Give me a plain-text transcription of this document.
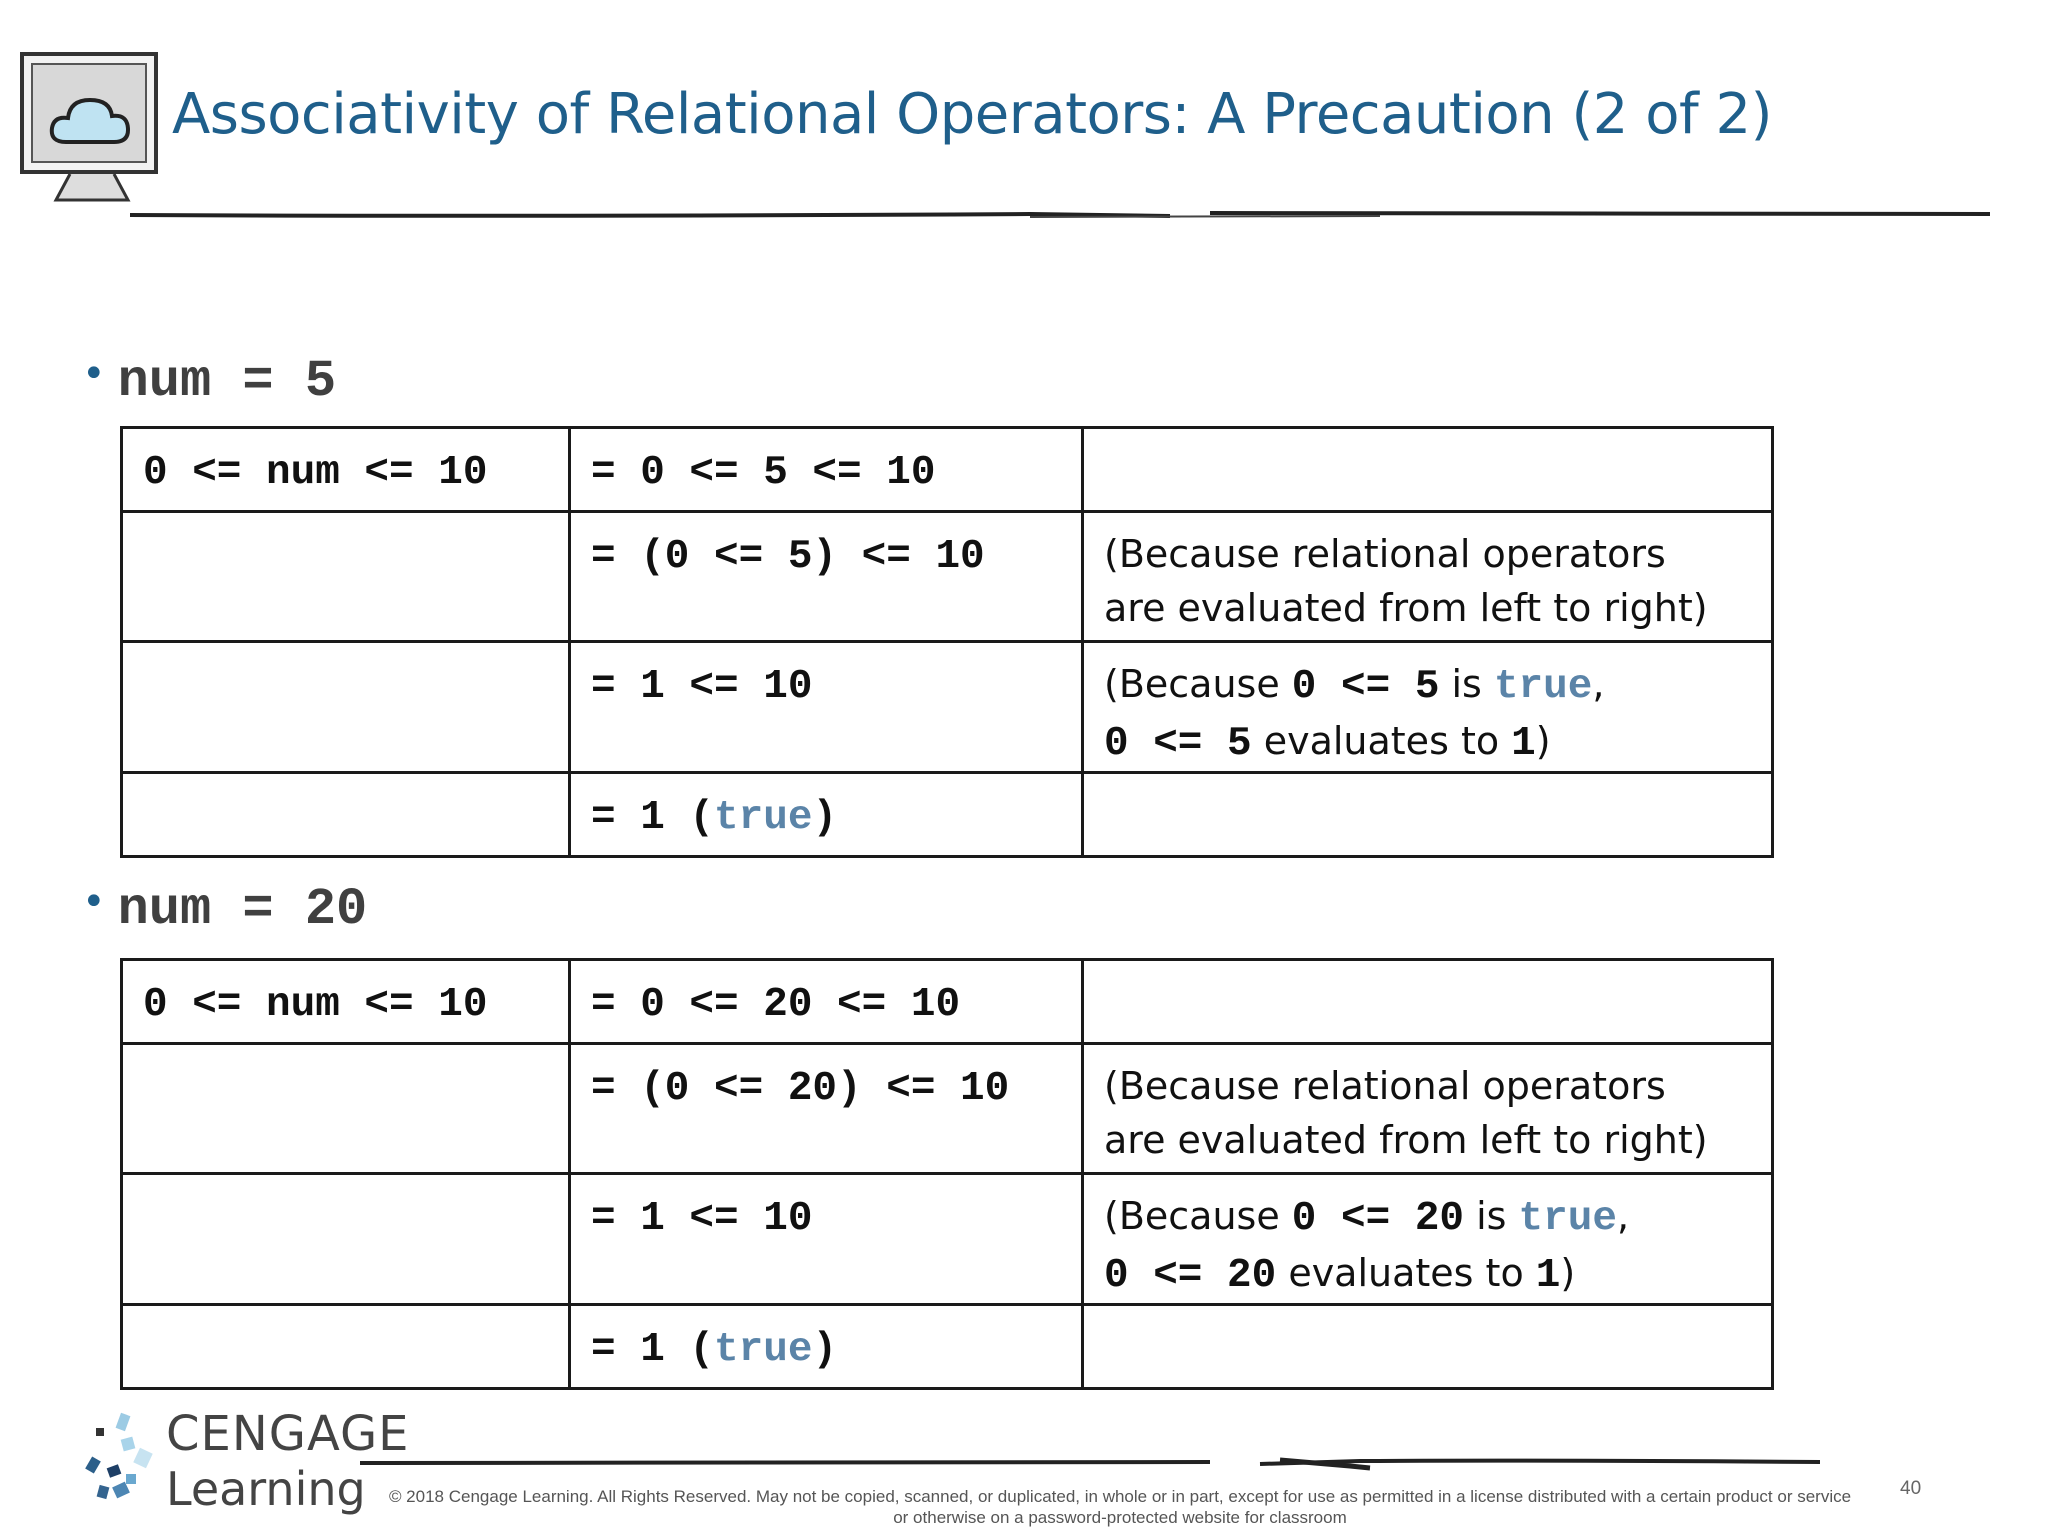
Associativity of Relational Operators: A Precaution (2 of 2)
• num = 5
0 <= num <= 10	= 0 <= 5 <= 10	
	= (0 <= 5) <= 10	(Because relational operators
are evaluated from left to right)

	= 1 <= 10	(Because 0 <= 5 is true,
0 <= 5 evaluates to 1)

	= 1 (true)	
• num = 20
0 <= num <= 10	= 0 <= 20 <= 10	
	= (0 <= 20) <= 10	(Because relational operators
are evaluated from left to right)

	= 1 <= 10	(Because 0 <= 20 is true,
0 <= 20 evaluates to 1)

	= 1 (true)	
CENGAGE
Learning	© 2018 Cengage Learning. All Rights Reserved. May not be copied, scanned, or duplicated, in whole or in part, except for use as permitted in a license distributed with a certain product or service
or otherwise on a password-protected website for classroom
40
